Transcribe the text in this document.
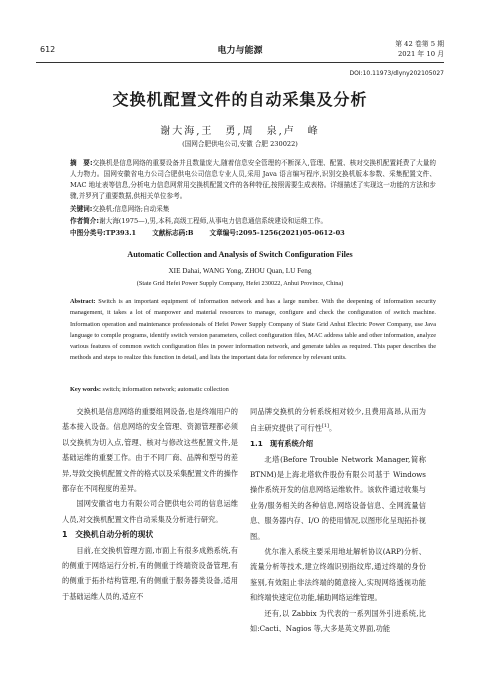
612	电力与能源
第 42 卷第 5 期
2021 年 10 月
DOI:10.11973/dlyny202105027
交换机配置文件的自动采集及分析
谢大海,王　勇,周　泉,卢　峰
(国网合肥供电公司,安徽 合肥 230022)
摘　要:交换机是信息网络的重要设备并且数量庞大,随着信息安全管理的不断深入,管理、配置、核对交换机配置耗费了大量的人力物力。国网安徽省电力公司合肥供电公司信息专业人员,采用 Java 语言编写程序,识别交换机版本参数、采集配置文件、MAC 地址表等信息,分析电力信息网常用交换机配置文件的各种特征,按照需要生成表格。详细描述了实现这一功能的方法和步骤,并罗列了重要数据,供相关单位参考。
关键词:交换机;信息网络;自动采集
作者简介:谢大海(1975—),男,本科,高级工程师,从事电力信息通信系统建设和运维工作。
中图分类号:TP393.1 文献标志码:B 文章编号:2095-1256(2021)05-0612-03
Automatic Collection and Analysis of Switch Configuration Files
XIE Dahai, WANG Yong, ZHOU Quan, LU Feng
(State Grid Hefei Power Supply Company, Hefei 230022, Anhui Province, China)
Abstract: Switch is an important equipment of information network and has a large number. With the deepening of information security management, it takes a lot of manpower and material resources to manage, configure and check the configuration of switch machine. Information operation and maintenance professionals of Hefei Power Supply Company of State Grid Anhui Electric Power Company, use Java language to compile programs, identify switch version parameters, collect configuration files, MAC address table and other information, analyze various features of common switch configuration files in power information network, and generate tables as required. This paper describes the methods and steps to realize this function in detail, and lists the important data for reference by relevant units.
Key words: switch; information network; automatic collection

交换机是信息网络的重要组网设备,也是终端用户的基本接入设备。信息网络的安全管理、资源管理都必须以交换机为切入点,管理、核对与修改这些配置文件,是基础运维的重要工作。由于不同厂商、品牌和型号的差异,导致交换机配置文件的格式以及采集配置文件的操作都存在不同程度的差异。

国网安徽省电力有限公司合肥供电公司的信息运维人员,对交换机配置文件自动采集及分析进行研究。

1　交换机自动分析的现状

目前,在交换机管理方面,市面上有很多成熟系统,有的侧重于网络运行分析,有的侧重于终端资设备管理,有的侧重于拓扑结构管理,有的侧重于服务器类设备,适用于基础运维人员的,适应不

同品牌交换机的分析系统相对较少,且费用高昂,从而为自主研究提供了可行性[1]。

1.1　现有系统介绍

北塔(Beforе Trouble Network Manager,简称 BTNM)是上海北塔软件股份有限公司基于 Windows 操作系统开发的信息网络运维软件。该软件通过收集与业务/服务相关的各种信息,网络设备信息、全网流量信息、服务器内存、I/O 的使用情况,以图形化呈现拓扑视图。

优尔准入系统主要采用地址解析协议(ARP)分析、流量分析等技术,建立终端识别指纹库,通过终端的身份鉴别,有效阻止非法终端的随意接入,实现网络透视功能和终端快速定位功能,辅助网络运维管理。

还有,以 Zabbix 为代表的一系列国外引进系统,比如:Cacti、Nagios 等,大多是英文界面,功能
